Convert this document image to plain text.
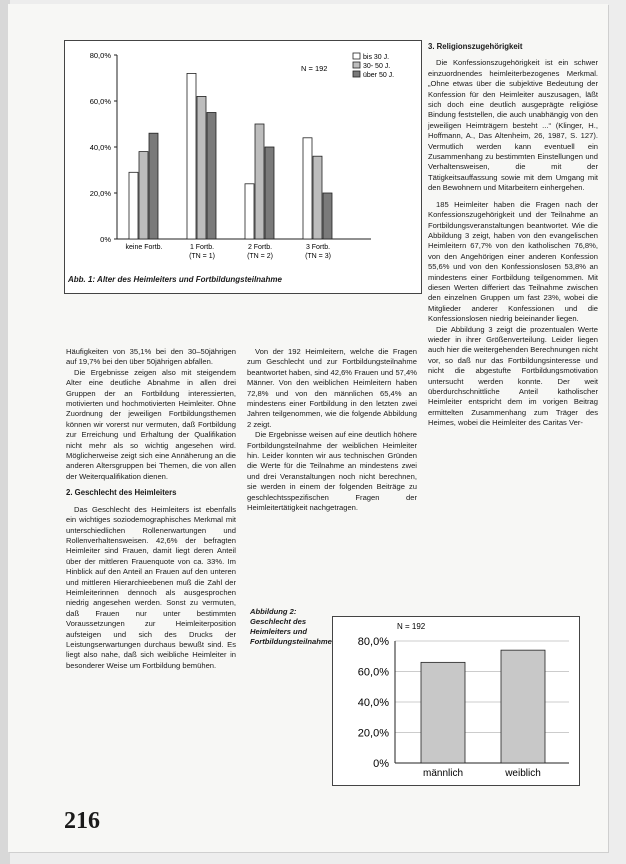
0%
20,0%
40,0%
60,0%
80,0%
keine Fortb.	1 Fortb.
(TN = 1)
2 Fortb.
(TN = 2)
3 Fortb.
(TN = 3)
N = 192
bis 30 J.
30- 50 J.
über 50 J.
Abb. 1: Alter des Heimleiters und Fortbildungsteilnahme

Häufigkeiten von 35,1% bei den 30–50jährigen auf 19,7% bei den über 50jährigen abfallen.

Die Ergebnisse zeigen also mit steigendem Alter eine deutliche Abnahme in allen drei Gruppen der an Fortbildung interessierten, motivierten und hochmotivierten Heimleiter. Ohne Zuordnung der jeweiligen Fortbildungsthemen können wir vorerst nur vermuten, daß Fortbildung zur Erreichung und Erhaltung der Qualifikation nicht mehr als so wichtig angesehen wird. Möglicherweise zeigt sich eine Annäherung an die anderen Altersgruppen bei Themen, die von allen der Weiterqualifikation dienen.

2. Geschlecht des Heimleiters

Das Geschlecht des Heimleiters ist ebenfalls ein wichtiges soziodemographisches Merkmal mit unterschiedlichen Rollenerwartungen und Rollenverhaltensweisen. 42,6% der befragten Heimleiter sind Frauen, damit liegt deren Anteil über der mittleren Frauenquote von ca. 33%. Im Hinblick auf den Anteil an Frauen auf den unteren und mittleren Hierarchieebenen muß die Zahl der Heimleiterinnen dennoch als ausgesprochen niedrig angesehen werden. Sonst zu vermuten, daß Frauen nur unter bestimmten Voraussetzungen zur Heimleiterposition aufsteigen und sich des Drucks der Leistungserwartungen durchaus bewußt sind. Es liegt also nahe, daß sich weibliche Heimleiter in besonderer Weise um Fortbildung bemühen.

Von der 192 Heimleitern, welche die Fragen zum Geschlecht und zur Fortbildungsteilnahme beantwortet haben, sind 42,6% Frauen und 57,4% Männer. Von den weiblichen Heimleitern haben 72,8% und von den männlichen 65,4% an mindestens einer Fortbildung in den letzten zwei Jahren teilgenommen, wie die folgende Abbildung 2 zeigt.

Die Ergebnisse weisen auf eine deutlich höhere Fortbildungsteilnahme der weiblichen Heimleiter hin. Leider konnten wir aus technischen Gründen die Werte für die Teilnahme an mindestens zwei und drei Veranstaltungen noch nicht berechnen, sie werden in einem der folgenden Beiträge zu geschlechtsspezifischen Fragen der Heimleitertätigkeit nachgetragen.

3. Religionszugehörigkeit

Die Konfessionszugehörigkeit ist ein schwer einzuordnendes heimleiterbezogenes Merkmal. „Ohne etwas über die subjektive Bedeutung der Konfession für den Heimleiter auszusagen, läßt sich doch eine deutlich ausgeprägte religiöse Bindung feststellen, die auch unabhängig von den jeweiligen Heimträgern besteht ...“ (Klinger, H., Hoffmann, A., Das Altenheim, 26, 1987, S. 127). Vermutlich werden kann eventuell ein Zusammenhang zu bestimmten Einstellungen und Verhaltensweisen, die mit der Tätigkeitsauffassung sowie mit dem Umgang mit den Bewohnern und Mitarbeitern einhergehen.

185 Heimleiter haben die Fragen nach der Konfessionszugehörigkeit und der Teilnahme an Fortbildungsveranstaltungen beantwortet. Wie die Abbildung 3 zeigt, haben von den evangelischen Heimleitern 67,7% von den katholischen 76,8%, von den Angehörigen einer anderen Konfession 55,6% und von den Konfessionslosen 53,8% an mindestens einer Fortbildung teilgenommen. Mit diesen Werten differiert das Teilnahme zwischen den einzelnen Gruppen um fast 23%, wobei die Mitglieder anderer Konfessionen und die Konfessionslosen niedrig beieinander liegen.

Die Abbildung 3 zeigt die prozentualen Werte wieder in ihrer Größenverteilung. Leider liegen auch hier die weitergehenden Berechnungen nicht vor, so daß nur das Fortbildungsinteresse und nicht die abgestufte Fortbildungsmotivation untersucht werden konnte. Der weit überdurchschnittliche Anteil katholischer Heimleiter entspricht dem im vorigen Beitrag ermittelten Zusammenhang zum Träger des Heimes, wobei die Heimleiter des Caritas Ver-

Abbildung 2: Geschlecht des Heimleiters und Fortbildungsteilnahme
0%
20,0%
40,0%
60,0%
80,0%
männlich	weiblich
N = 192
216
